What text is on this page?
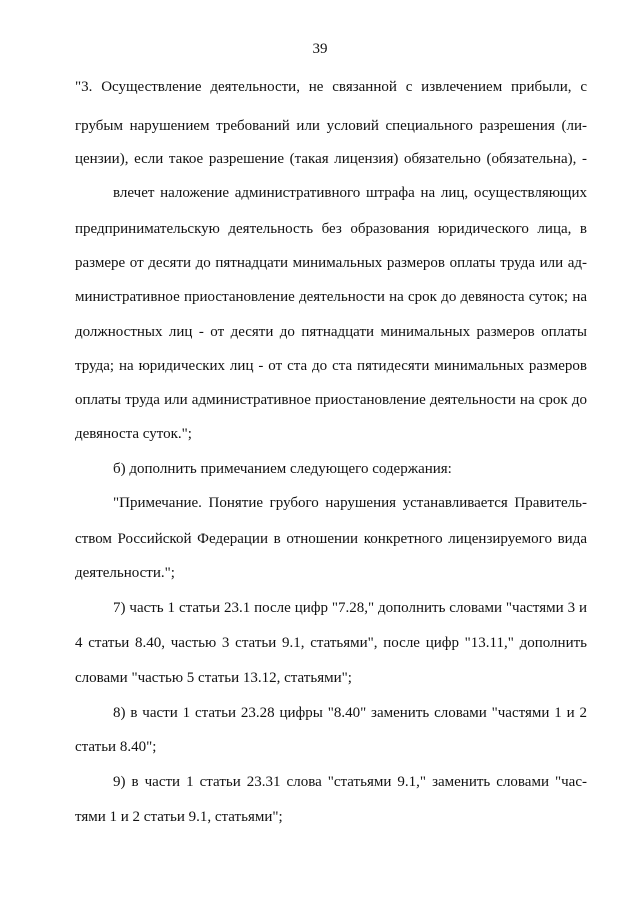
39
"3. Осуществление деятельности, не связанной с извлечением прибыли, с
грубым нарушением требований или условий специального разрешения (ли-
цензии), если такое разрешение (такая лицензия) обязательно (обязательна), -
влечет наложение административного штрафа на лиц, осуществляющих
предпринимательскую деятельность без образования юридического лица, в
размере от десяти до пятнадцати минимальных размеров оплаты труда или ад-
министративное приостановление деятельности на срок до девяноста суток; на
должностных лиц - от десяти до пятнадцати минимальных размеров оплаты
труда; на юридических лиц - от ста до ста пятидесяти минимальных размеров
оплаты труда или административное приостановление деятельности на срок до
девяноста суток.";
б) дополнить примечанием следующего содержания:
"Примечание. Понятие грубого нарушения устанавливается Правитель-
ством Российской Федерации в отношении конкретного лицензируемого вида
деятельности.";
7) часть 1 статьи 23.1 после цифр "7.28," дополнить словами "частями 3 и
4 статьи 8.40, частью 3 статьи 9.1, статьями", после цифр "13.11," дополнить
словами "частью 5 статьи 13.12, статьями";
8) в части 1 статьи 23.28 цифры "8.40" заменить словами "частями 1 и 2
статьи 8.40";
9) в части 1 статьи 23.31 слова "статьями 9.1," заменить словами "час-
тями 1 и 2 статьи 9.1, статьями";
